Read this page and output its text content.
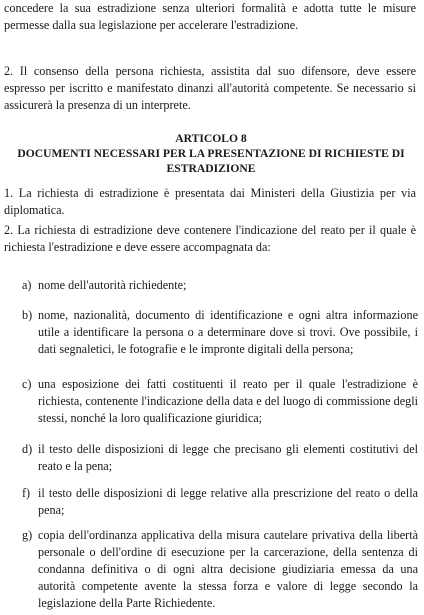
concedere la sua estradizione senza ulteriori formalità e adotta tutte le misure permesse dalla sua legislazione per accelerare l'estradizione.

2. Il consenso della persona richiesta, assistita dal suo difensore, deve essere espresso per iscritto e manifestato dinanzi all'autorità competente. Se necessario si assicurerà la presenza di un interprete.

ARTICOLO 8

DOCUMENTI NECESSARI PER LA PRESENTAZIONE DI RICHIESTE DI ESTRADIZIONE

1. La richiesta di estradizione è presentata dai Ministeri della Giustizia per via diplomatica.

2. La richiesta di estradizione deve contenere l'indicazione del reato per il quale è richiesta l'estradizione e deve essere accompagnata da:

a) nome dell'autorità richiedente;
b) nome, nazionalità, documento di identificazione e ogni altra informazione utile a identificare la persona o a determinare dove si trovi. Ove possibile, i dati segnaletici, le fotografie e le impronte digitali della persona;
c) una esposizione dei fatti costituenti il reato per il quale l'estradizione è richiesta, contenente l'indicazione della data e del luogo di commissione degli stessi, nonché la loro qualificazione giuridica;
d) il testo delle disposizioni di legge che precisano gli elementi costitutivi del reato e la pena;
f) il testo delle disposizioni di legge relative alla prescrizione del reato o della pena;
g) copia dell'ordinanza applicativa della misura cautelare privativa della libertà personale o dell'ordine di esecuzione per la carcerazione, della sentenza di condanna definitiva o di ogni altra decisione giudiziaria emessa da una autorità competente avente la stessa forza e valore di legge secondo la legislazione della Parte Richiedente.
